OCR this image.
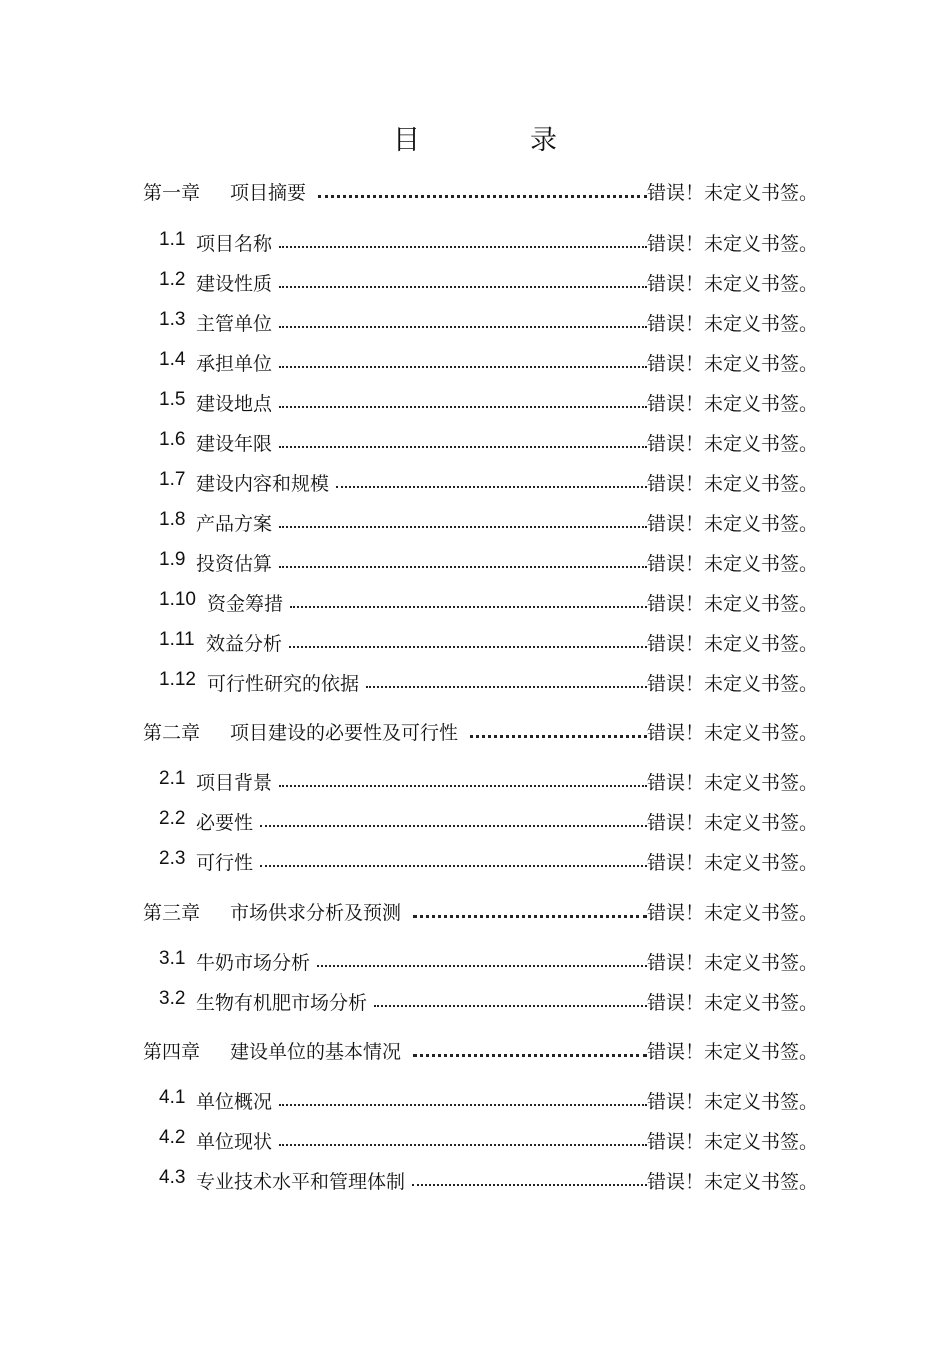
目	录
第一章 项目摘要	错误！未定义书签。
1.1 项目名称	错误！未定义书签。
1.2 建设性质	错误！未定义书签。
1.3 主管单位	错误！未定义书签。
1.4 承担单位	错误！未定义书签。
1.5 建设地点	错误！未定义书签。
1.6 建设年限	错误！未定义书签。
1.7 建设内容和规模	错误！未定义书签。
1.8 产品方案	错误！未定义书签。
1.9 投资估算	错误！未定义书签。
1.10 资金筹措	错误！未定义书签。
1.11 效益分析	错误！未定义书签。
1.12 可行性研究的依据	错误！未定义书签。
第二章 项目建设的必要性及可行性	错误！未定义书签。
2.1 项目背景	错误！未定义书签。
2.2 必要性	错误！未定义书签。
2.3 可行性	错误！未定义书签。
第三章 市场供求分析及预测	错误！未定义书签。
3.1 牛奶市场分析	错误！未定义书签。
3.2 生物有机肥市场分析	错误！未定义书签。
第四章 建设单位的基本情况	错误！未定义书签。
4.1 单位概况	错误！未定义书签。
4.2 单位现状	错误！未定义书签。
4.3 专业技术水平和管理体制	错误！未定义书签。
